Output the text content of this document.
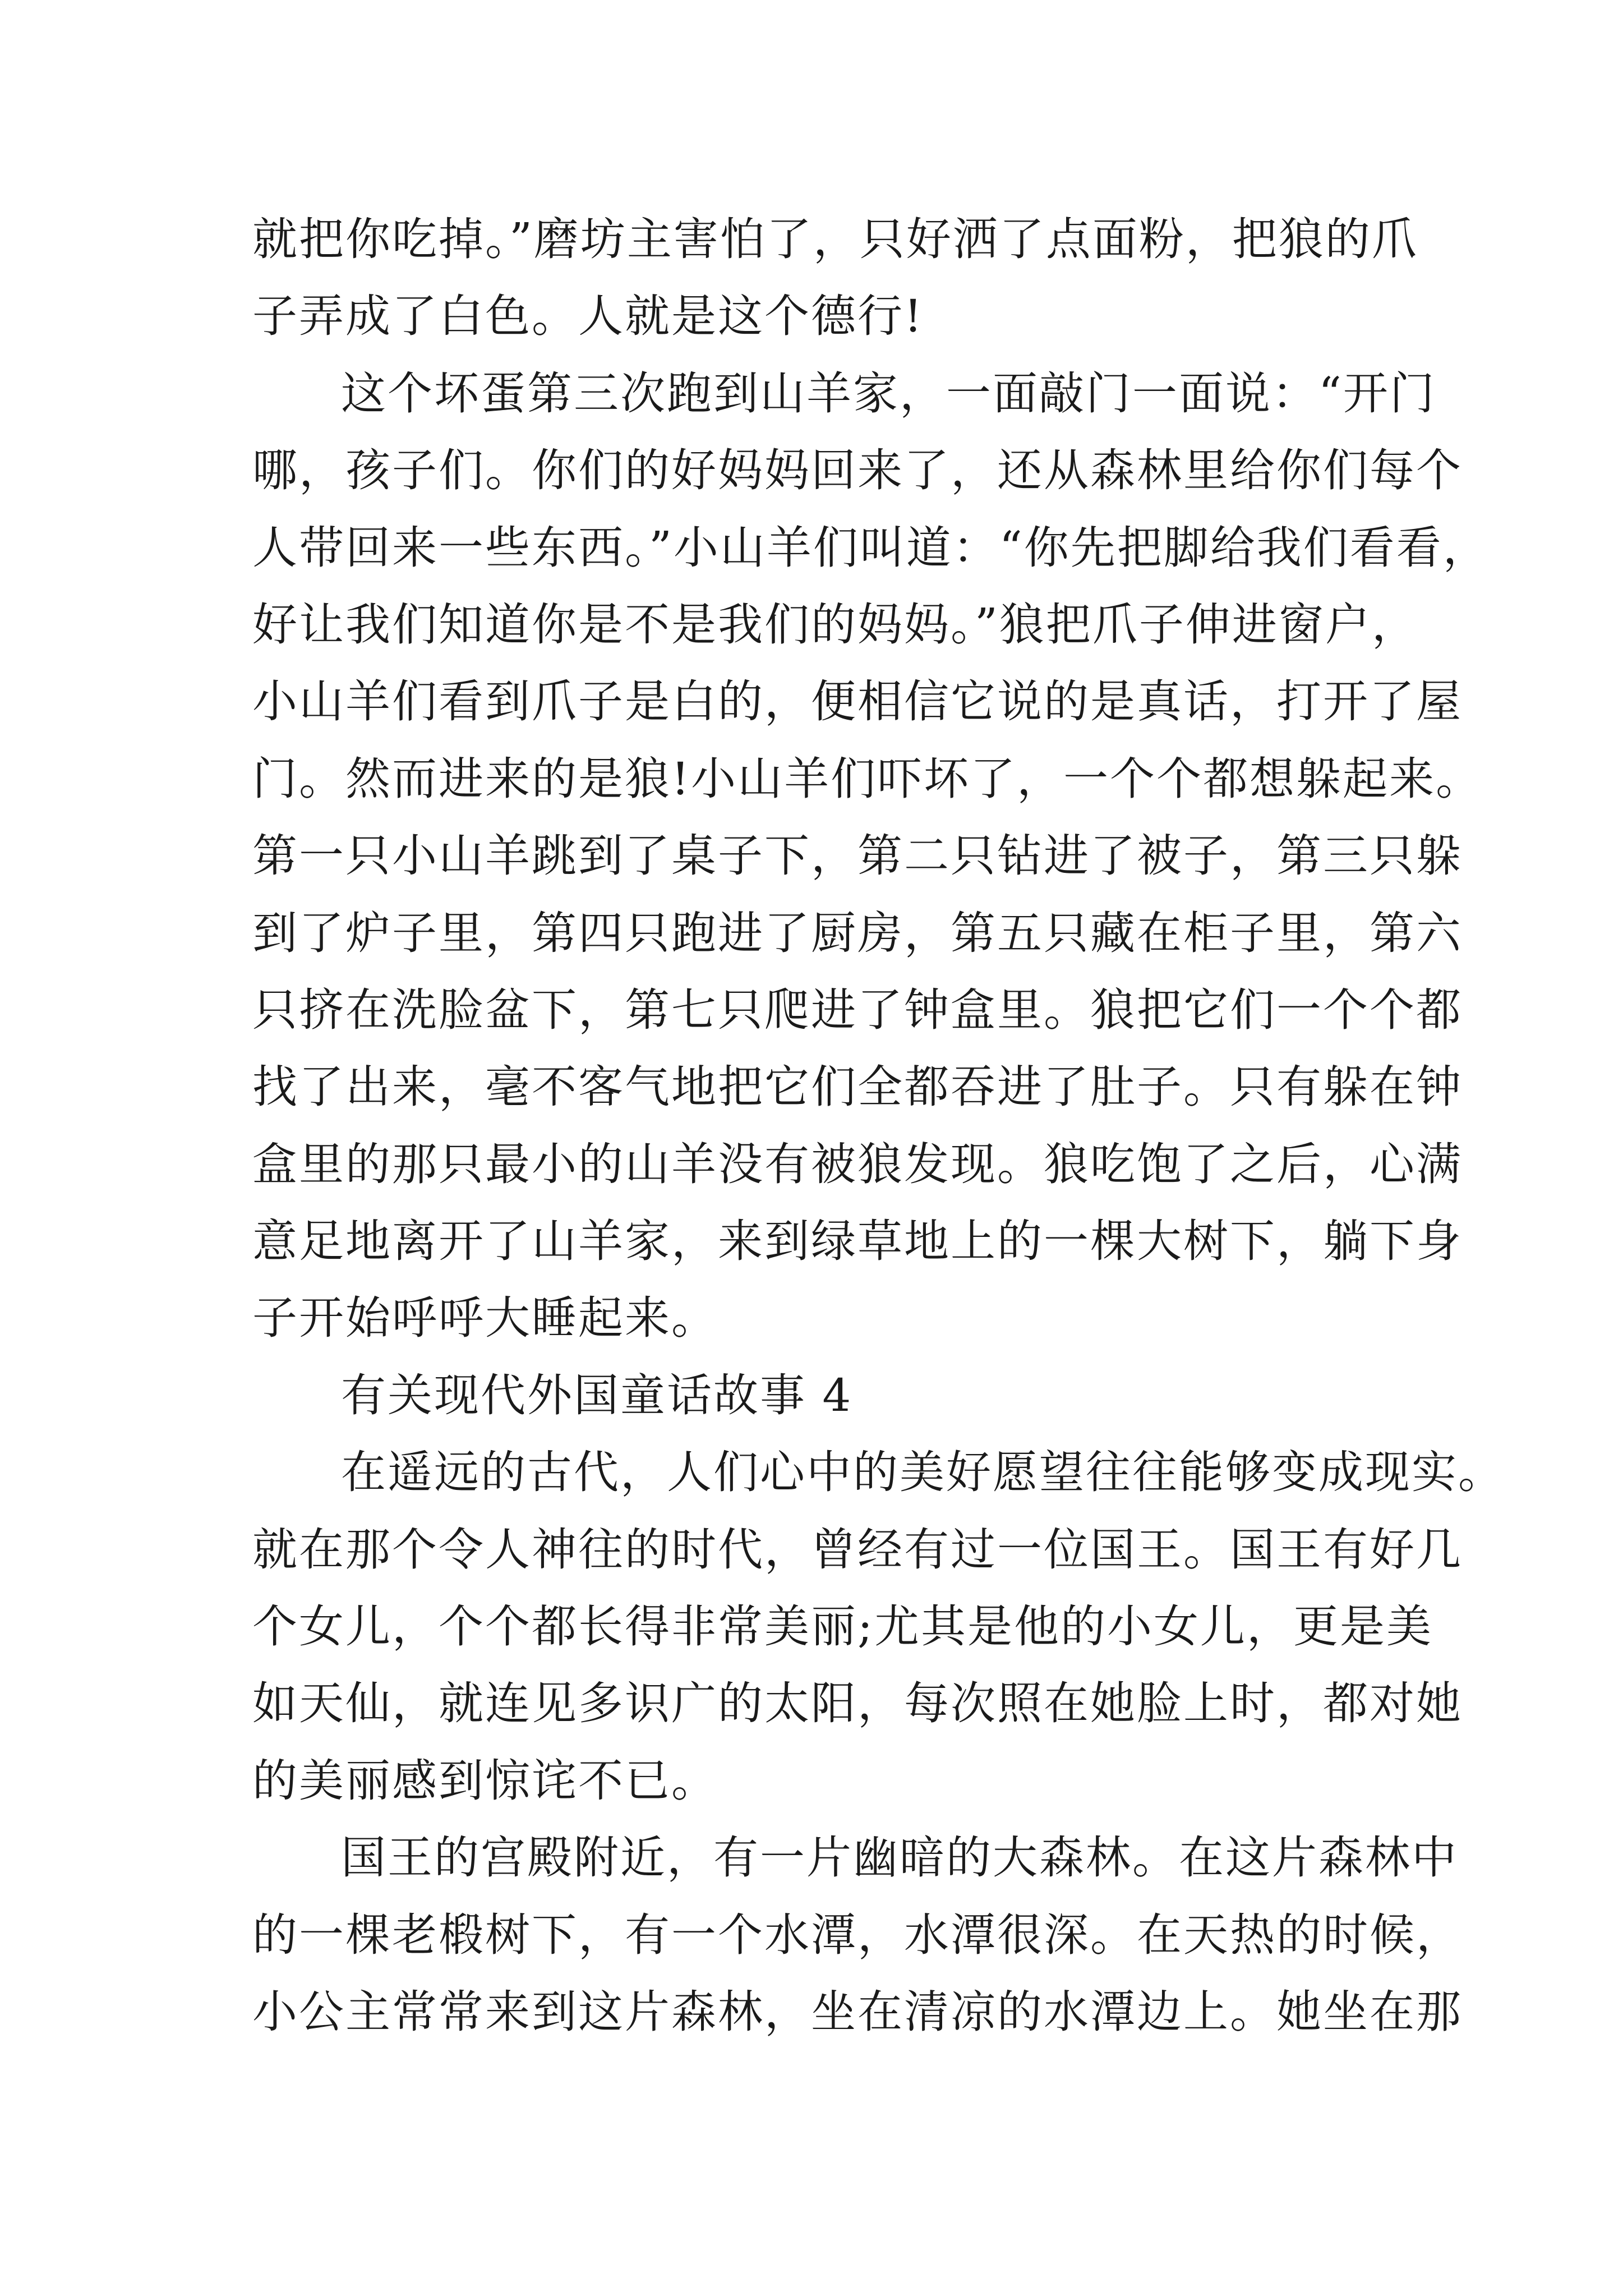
就把你吃掉。”磨坊主害怕了，只好洒了点面粉，把狼的爪
子弄成了白色。人就是这个德行!
这个坏蛋第三次跑到山羊家，一面敲门一面说：“开门
哪，孩子们。你们的好妈妈回来了，还从森林里给你们每个
人带回来一些东西。”小山羊们叫道：“你先把脚给我们看看，
好让我们知道你是不是我们的妈妈。”狼把爪子伸进窗户，
小山羊们看到爪子是白的，便相信它说的是真话，打开了屋
门。然而进来的是狼!小山羊们吓坏了，一个个都想躲起来。
第一只小山羊跳到了桌子下，第二只钻进了被子，第三只躲
到了炉子里，第四只跑进了厨房，第五只藏在柜子里，第六
只挤在洗脸盆下，第七只爬进了钟盒里。狼把它们一个个都
找了出来，毫不客气地把它们全都吞进了肚子。只有躲在钟
盒里的那只最小的山羊没有被狼发现。狼吃饱了之后，心满
意足地离开了山羊家，来到绿草地上的一棵大树下，躺下身
子开始呼呼大睡起来。
有关现代外国童话故事 4
在遥远的古代，人们心中的美好愿望往往能够变成现实。
就在那个令人神往的时代，曾经有过一位国王。国王有好几
个女儿，个个都长得非常美丽;尤其是他的小女儿，更是美
如天仙，就连见多识广的太阳，每次照在她脸上时，都对她
的美丽感到惊诧不已。
国王的宫殿附近，有一片幽暗的大森林。在这片森林中
的一棵老椴树下，有一个水潭，水潭很深。在天热的时候，
小公主常常来到这片森林，坐在清凉的水潭边上。她坐在那
